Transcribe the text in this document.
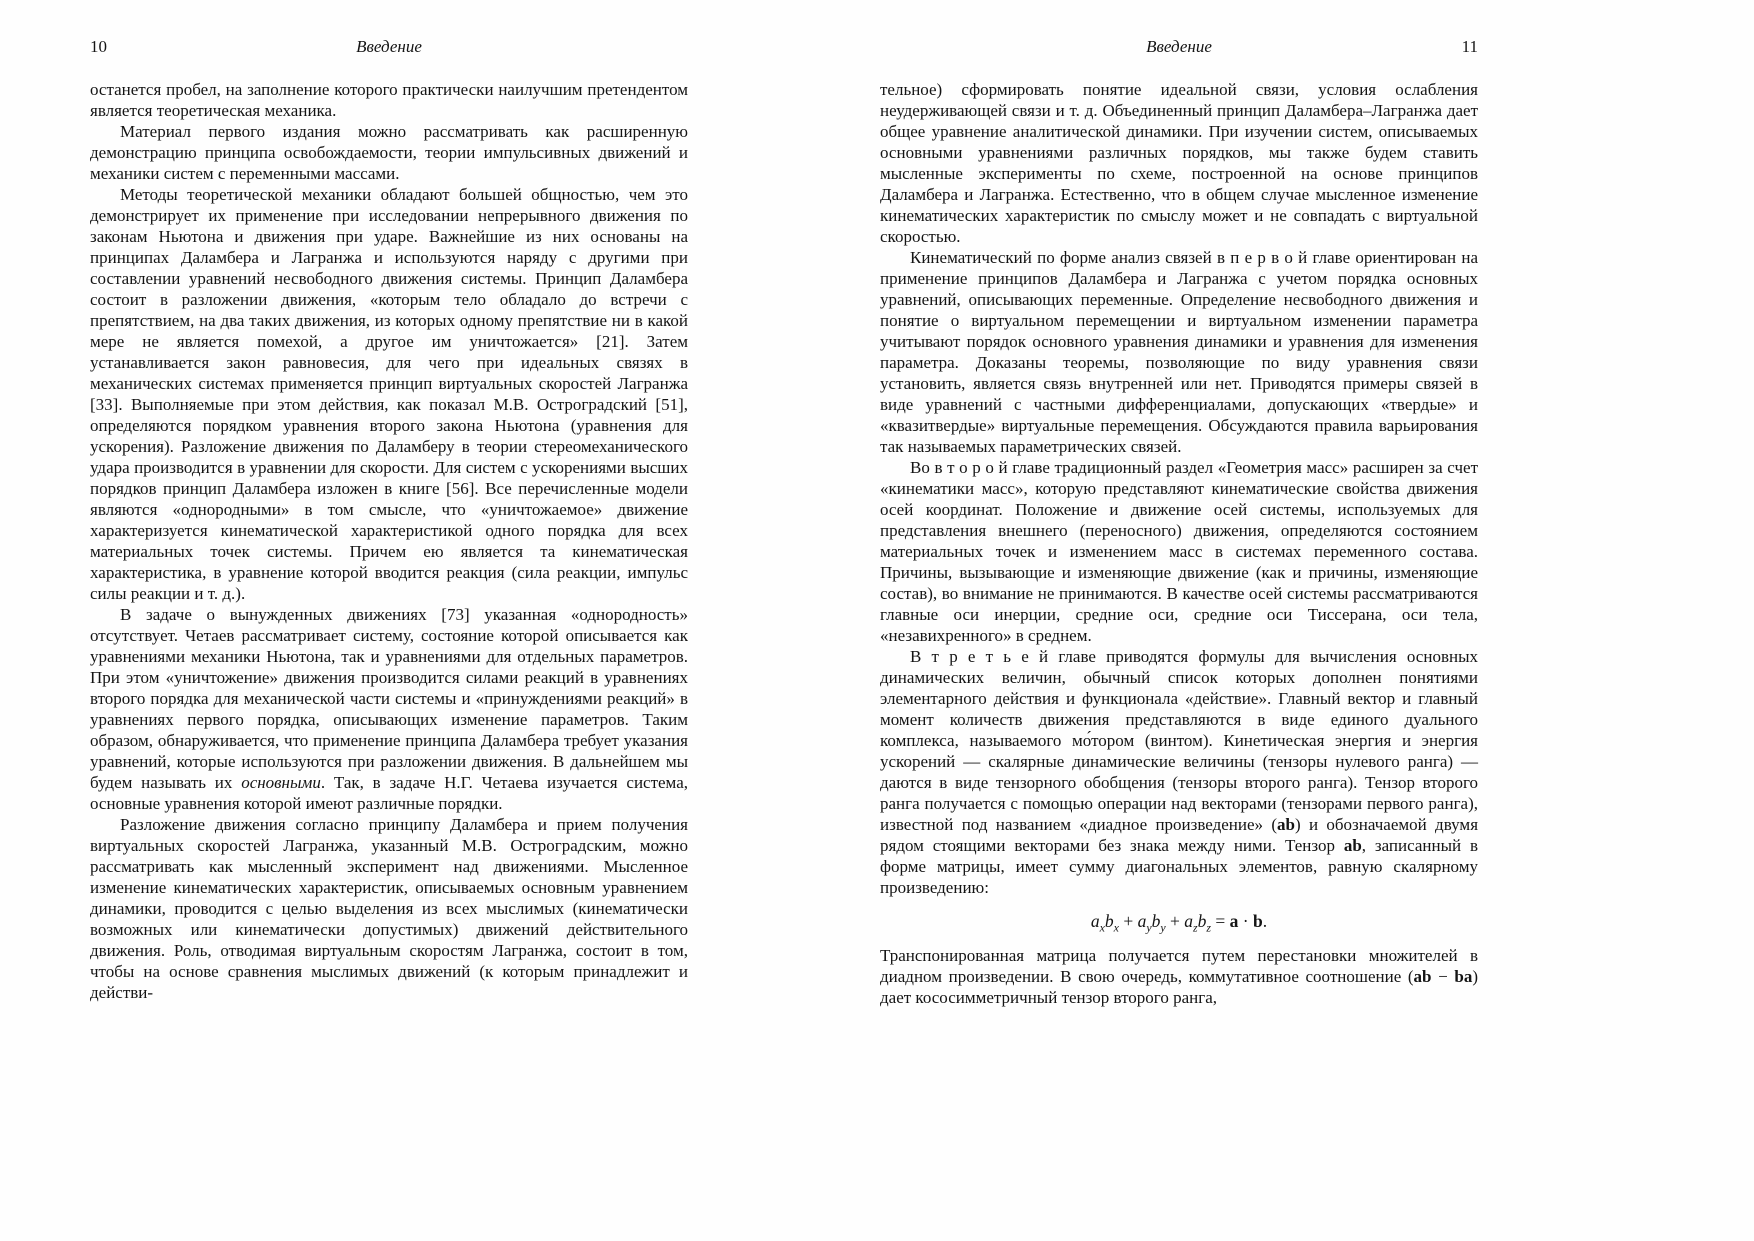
10	Введение

останется пробел, на заполнение которого практически наилучшим претендентом является теоретическая механика.

Материал первого издания можно рассматривать как расширенную демонстрацию принципа освобождаемости, теории импульсивных движений и механики систем с переменными массами.

Методы теоретической механики обладают большей общностью, чем это демонстрирует их применение при исследовании непрерывного движения по законам Ньютона и движения при ударе. Важнейшие из них основаны на принципах Даламбера и Лагранжа и используются наряду с другими при составлении уравнений несвободного движения системы. Принцип Даламбера состоит в разложении движения, «которым тело обладало до встречи с препятствием, на два таких движения, из которых одному препятствие ни в какой мере не является помехой, а другое им уничтожается» [21]. Затем устанавливается закон равновесия, для чего при идеальных связях в механических системах применяется принцип виртуальных скоростей Лагранжа [33]. Выполняемые при этом действия, как показал М.В. Остроградский [51], определяются порядком уравнения второго закона Ньютона (уравнения для ускорения). Разложение движения по Даламберу в теории стереомеханического удара производится в уравнении для скорости. Для систем с ускорениями высших порядков принцип Даламбера изложен в книге [56]. Все перечисленные модели являются «однородными» в том смысле, что «уничтожаемое» движение характеризуется кинематической характеристикой одного порядка для всех материальных точек системы. Причем ею является та кинематическая характеристика, в уравнение которой вводится реакция (сила реакции, импульс силы реакции и т. д.).

В задаче о вынужденных движениях [73] указанная «однородность» отсутствует. Четаев рассматривает систему, состояние которой описывается как уравнениями механики Ньютона, так и уравнениями для отдельных параметров. При этом «уничтожение» движения производится силами реакций в уравнениях второго порядка для механической части системы и «принуждениями реакций» в уравнениях первого порядка, описывающих изменение параметров. Таким образом, обнаруживается, что применение принципа Даламбера требует указания уравнений, которые используются при разложении движения. В дальнейшем мы будем называть их основными. Так, в задаче Н.Г. Четаева изучается система, основные уравнения которой имеют различные порядки.

Разложение движения согласно принципу Даламбера и прием получения виртуальных скоростей Лагранжа, указанный М.В. Остроградским, можно рассматривать как мысленный эксперимент над движениями. Мысленное изменение кинематических характеристик, описываемых основным уравнением динамики, проводится с целью выделения из всех мыслимых (кинематически возможных или кинематически допустимых) движений действительного движения. Роль, отводимая виртуальным скоростям Лагранжа, состоит в том, чтобы на основе сравнения мыслимых движений (к которым принадлежит и действи-

Введение	11

тельное) сформировать понятие идеальной связи, условия ослабления неудерживающей связи и т. д. Объединенный принцип Даламбера–Лагранжа дает общее уравнение аналитической динамики. При изучении систем, описываемых основными уравнениями различных порядков, мы также будем ставить мысленные эксперименты по схеме, построенной на основе принципов Даламбера и Лагранжа. Естественно, что в общем случае мысленное изменение кинематических характеристик по смыслу может и не совпадать с виртуальной скоростью.

Кинематический по форме анализ связей в п е р в о й главе ориентирован на применение принципов Даламбера и Лагранжа с учетом порядка основных уравнений, описывающих переменные. Определение несвободного движения и понятие о виртуальном перемещении и виртуальном изменении параметра учитывают порядок основного уравнения динамики и уравнения для изменения параметра. Доказаны теоремы, позволяющие по виду уравнения связи установить, является связь внутренней или нет. Приводятся примеры связей в виде уравнений с частными дифференциалами, допускающих «твердые» и «квазитвердые» виртуальные перемещения. Обсуждаются правила варьирования так называемых параметрических связей.

Во в т о р о й главе традиционный раздел «Геометрия масс» расширен за счет «кинематики масс», которую представляют кинематические свойства движения осей координат. Положение и движение осей системы, используемых для представления внешнего (переносного) движения, определяются состоянием материальных точек и изменением масс в системах переменного состава. Причины, вызывающие и изменяющие движение (как и причины, изменяющие состав), во внимание не принимаются. В качестве осей системы рассматриваются главные оси инерции, средние оси, средние оси Тиссерана, оси тела, «незавихренного» в среднем.

В т р е т ь е й главе приводятся формулы для вычисления основных динамических величин, обычный список которых дополнен понятиями элементарного действия и функционала «действие». Главный вектор и главный момент количеств движения представляются в виде единого дуального комплекса, называемого мо́тором (винтом). Кинетическая энергия и энергия ускорений — скалярные динамические величины (тензоры нулевого ранга) — даются в виде тензорного обобщения (тензоры второго ранга). Тензор второго ранга получается с помощью операции над векторами (тензорами первого ранга), известной под названием «диадное произведение» (ab) и обозначаемой двумя рядом стоящими векторами без знака между ними. Тензор ab, записанный в форме матрицы, имеет сумму диагональных элементов, равную скалярному произведению:

$a_xb_x + a_yb_y + a_zb_z = a \cdot b$.

Транспонированная матрица получается путем перестановки множителей в диадном произведении. В свою очередь, коммутативное соотношение (ab − ba) дает кососимметричный тензор второго ранга,
